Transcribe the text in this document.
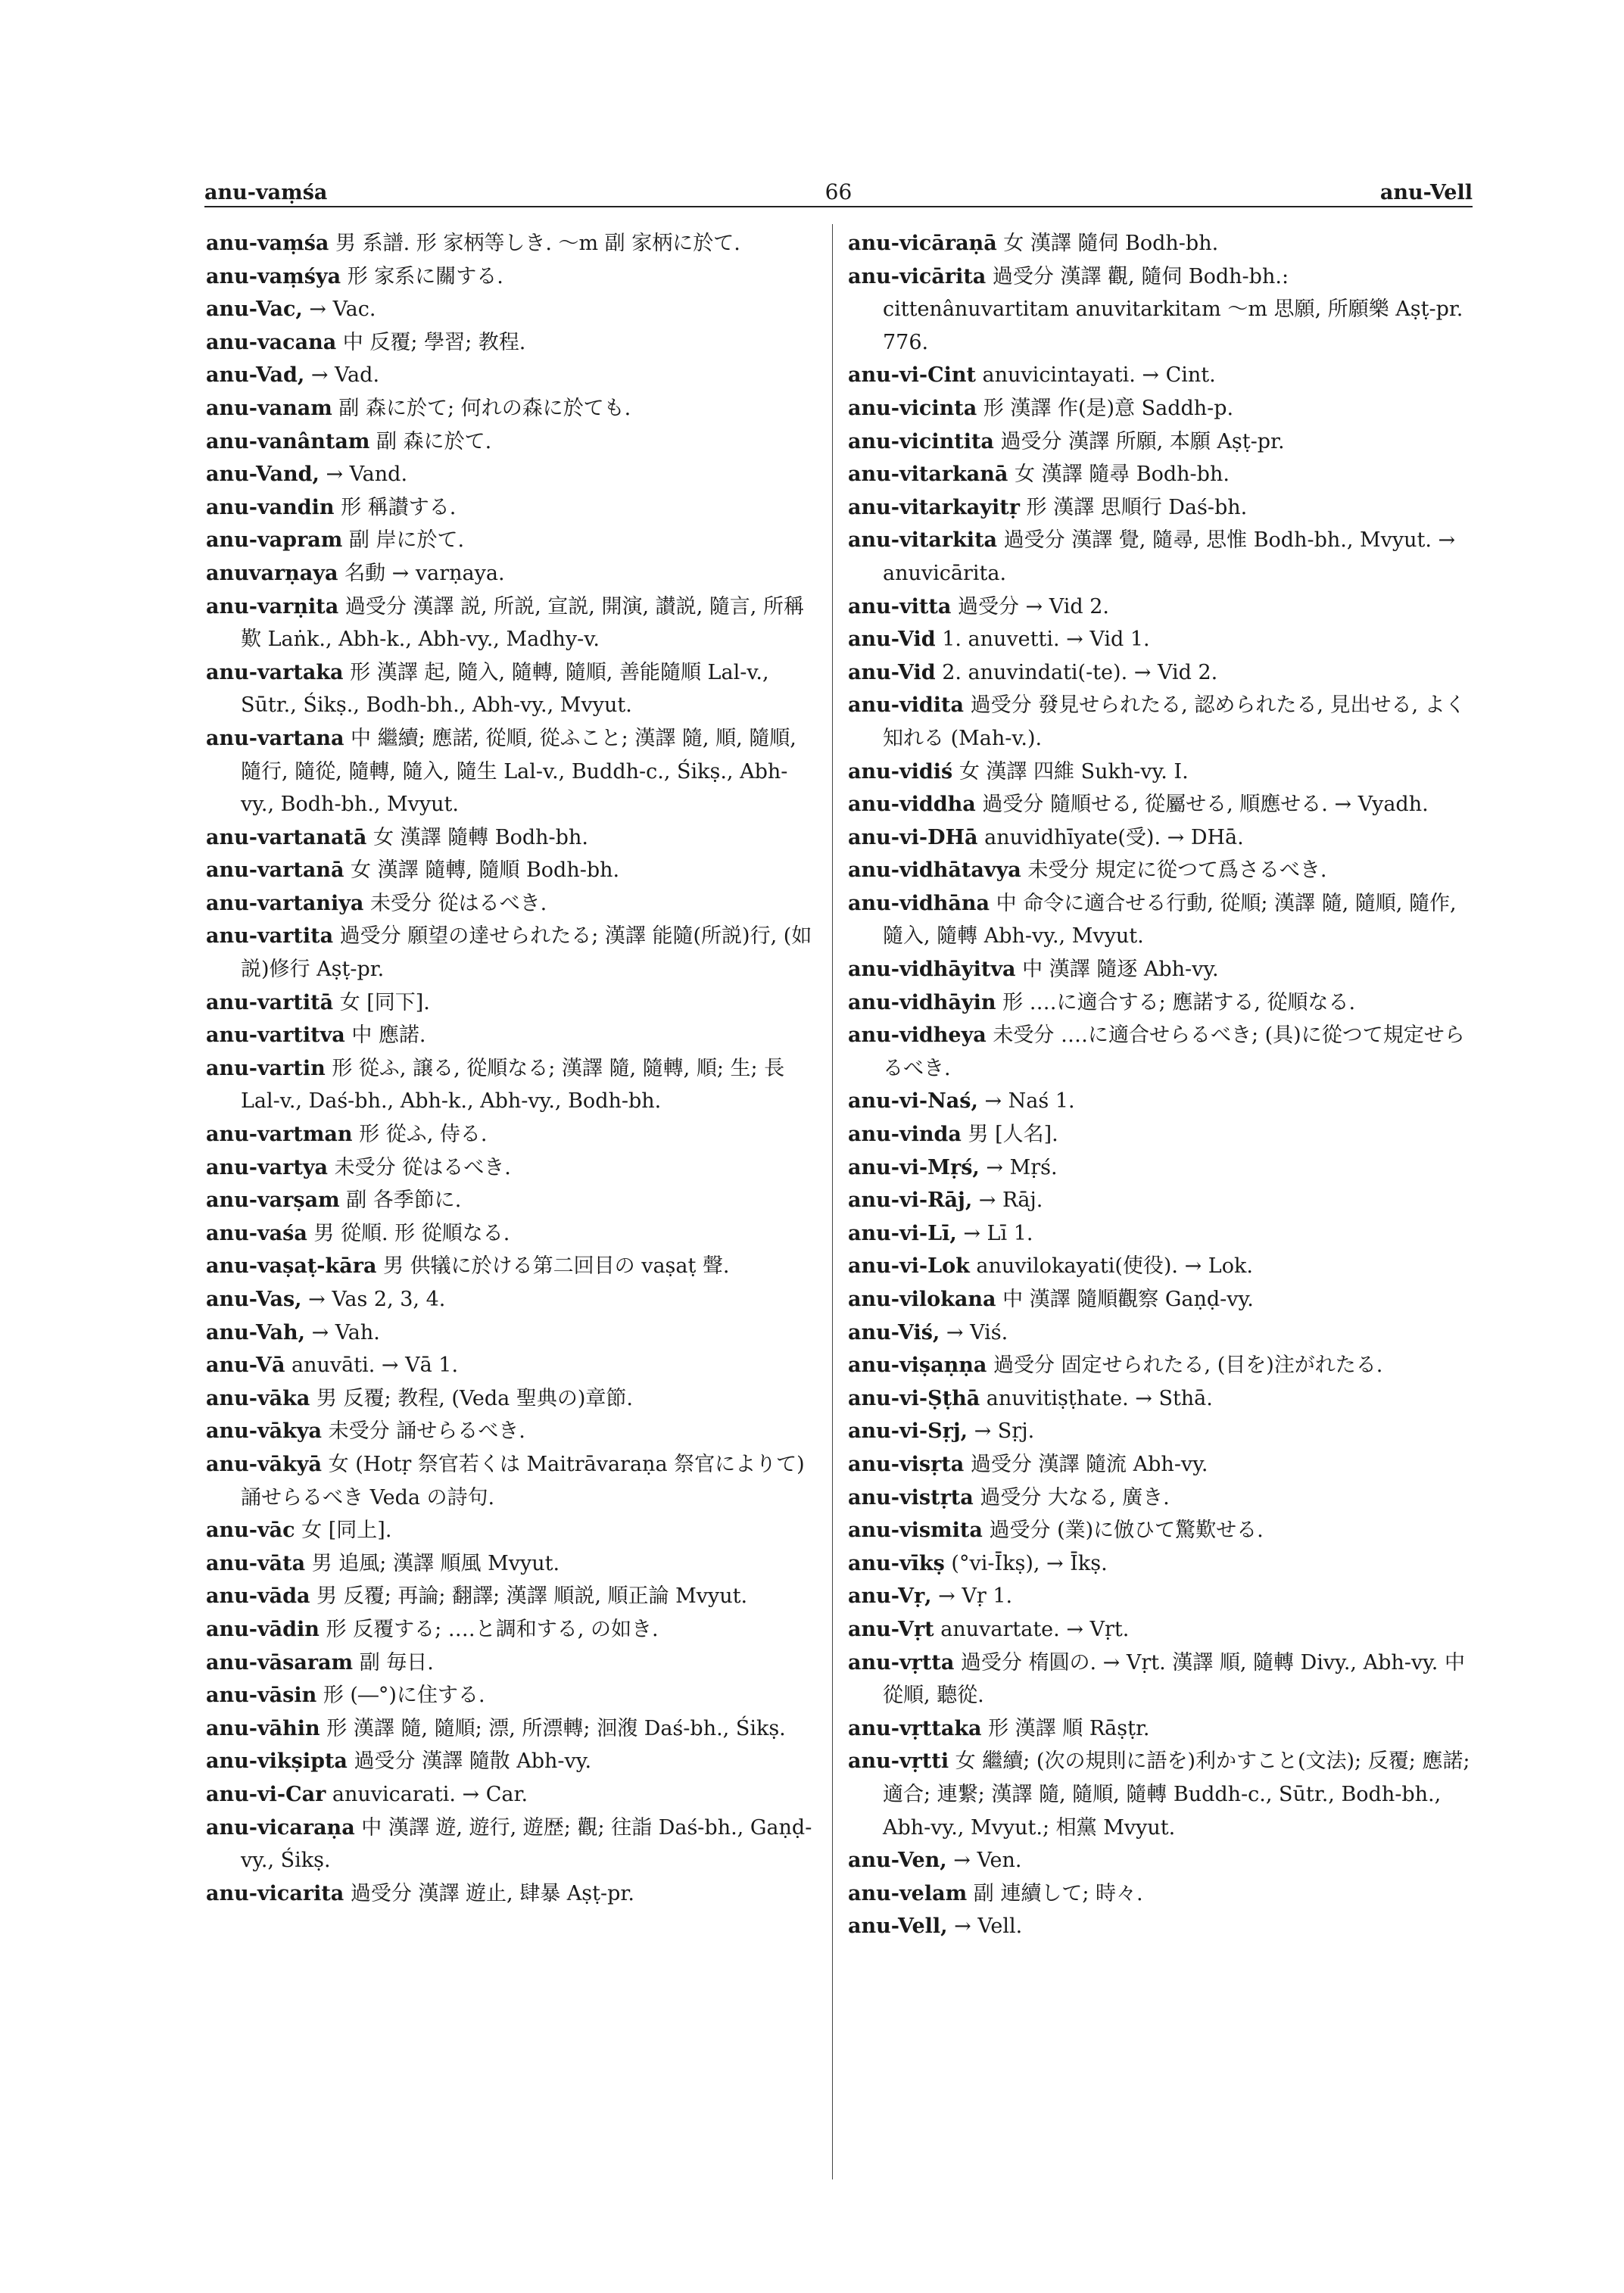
anu-vaṃśa	66	anu-Vell
anu-vaṃśa 男 系譜. 形 家柄等しき. ～m 副 家柄に於て.
anu-vaṃśya 形 家系に關する.
anu-Vac, → Vac.
anu-vacana 中 反覆; 學習; 教程.
anu-Vad, → Vad.
anu-vanam 副 森に於て; 何れの森に於ても.
anu-vanântam 副 森に於て.
anu-Vand, → Vand.
anu-vandin 形 稱讃する.
anu-vapram 副 岸に於て.
anuvarṇaya 名動 → varṇaya.
anu-varṇita 過受分 漢譯 説, 所説, 宣説, 開演, 讃説, 隨言, 所稱歎 Laṅk., Abh-k., Abh-vy., Madhy-v.
anu-vartaka 形 漢譯 起, 隨入, 隨轉, 隨順, 善能隨順 Lal-v., Sūtr., Śikṣ., Bodh-bh., Abh-vy., Mvyut.
anu-vartana 中 繼續; 應諾, 從順, 從ふこと; 漢譯 隨, 順, 隨順, 隨行, 隨從, 隨轉, 隨入, 隨生 Lal-v., Buddh-c., Śikṣ., Abh-vy., Bodh-bh., Mvyut.
anu-vartanatā 女 漢譯 隨轉 Bodh-bh.
anu-vartanā 女 漢譯 隨轉, 隨順 Bodh-bh.
anu-vartaniya 未受分 從はるべき.
anu-vartita 過受分 願望の達せられたる; 漢譯 能隨(所説)行, (如説)修行 Aṣṭ-pr.
anu-vartitā 女 [同下].
anu-vartitva 中 應諾.
anu-vartin 形 從ふ, 譲る, 從順なる; 漢譯 隨, 隨轉, 順; 生; 長 Lal-v., Daś-bh., Abh-k., Abh-vy., Bodh-bh.
anu-vartman 形 從ふ, 侍る.
anu-vartya 未受分 從はるべき.
anu-varṣam 副 各季節に.
anu-vaśa 男 從順. 形 從順なる.
anu-vaṣaṭ-kāra 男 供犠に於ける第二回目の vaṣaṭ 聲.
anu-Vas, → Vas 2, 3, 4.
anu-Vah, → Vah.
anu-Vā anuvāti. → Vā 1.
anu-vāka 男 反覆; 教程, (Veda 聖典の)章節.
anu-vākya 未受分 誦せらるべき.
anu-vākyā 女 (Hotṛ 祭官若くは Maitrāvaraṇa 祭官によりて)誦せらるべき Veda の詩句.
anu-vāc 女 [同上].
anu-vāta 男 追風; 漢譯 順風 Mvyut.
anu-vāda 男 反覆; 再論; 翻譯; 漢譯 順説, 順正論 Mvyut.
anu-vādin 形 反覆する; ‥‥と調和する, の如き.
anu-vāsaram 副 毎日.
anu-vāsin 形 (―°)に住する.
anu-vāhin 形 漢譯 隨, 隨順; 漂, 所漂轉; 洄澓 Daś-bh., Śikṣ.
anu-vikṣipta 過受分 漢譯 隨散 Abh-vy.
anu-vi-Car anuvicarati. → Car.
anu-vicaraṇa 中 漢譯 遊, 遊行, 遊歴; 觀; 往詣 Daś-bh., Gaṇḍ-vy., Śikṣ.
anu-vicarita 過受分 漢譯 遊止, 肆暴 Aṣṭ-pr.
anu-vicāraṇā 女 漢譯 隨伺 Bodh-bh.
anu-vicārita 過受分 漢譯 觀, 隨伺 Bodh-bh.: cittenânuvartitam anuvitarkitam ～m 思願, 所願樂 Aṣṭ-pr. 776.
anu-vi-Cint anuvicintayati. → Cint.
anu-vicinta 形 漢譯 作(是)意 Saddh-p.
anu-vicintita 過受分 漢譯 所願, 本願 Aṣṭ-pr.
anu-vitarkanā 女 漢譯 隨尋 Bodh-bh.
anu-vitarkayitṛ 形 漢譯 思順行 Daś-bh.
anu-vitarkita 過受分 漢譯 覺, 隨尋, 思惟 Bodh-bh., Mvyut. → anuvicārita.
anu-vitta 過受分 → Vid 2.
anu-Vid 1. anuvetti. → Vid 1.
anu-Vid 2. anuvindati(-te). → Vid 2.
anu-vidita 過受分 發見せられたる, 認められたる, 見出せる, よく知れる (Mah-v.).
anu-vidiś 女 漢譯 四維 Sukh-vy. I.
anu-viddha 過受分 隨順せる, 從屬せる, 順應せる. → Vyadh.
anu-vi-DHā anuvidhīyate(受). → DHā.
anu-vidhātavya 未受分 規定に從つて爲さるべき.
anu-vidhāna 中 命令に適合せる行動, 從順; 漢譯 隨, 隨順, 隨作, 隨入, 隨轉 Abh-vy., Mvyut.
anu-vidhāyitva 中 漢譯 隨逐 Abh-vy.
anu-vidhāyin 形 ‥‥に適合する; 應諾する, 從順なる.
anu-vidheya 未受分 ‥‥に適合せらるべき; (具)に從つて規定せらるべき.
anu-vi-Naś, → Naś 1.
anu-vinda 男 [人名].
anu-vi-Mṛś, → Mṛś.
anu-vi-Rāj, → Rāj.
anu-vi-Lī, → Lī 1.
anu-vi-Lok anuvilokayati(使役). → Lok.
anu-vilokana 中 漢譯 隨順觀察 Gaṇḍ-vy.
anu-Viś, → Viś.
anu-viṣaṇṇa 過受分 固定せられたる, (目を)注がれたる.
anu-vi-Ṣṭhā anuvitiṣṭhate. → Sthā.
anu-vi-Sṛj, → Sṛj.
anu-visṛta 過受分 漢譯 隨流 Abh-vy.
anu-vistṛta 過受分 大なる, 廣き.
anu-vismita 過受分 (業)に倣ひて驚歎せる.
anu-vīkṣ (°vi-Īkṣ), → Īkṣ.
anu-Vṛ, → Vṛ 1.
anu-Vṛt anuvartate. → Vṛt.
anu-vṛtta 過受分 楕圓の. → Vṛt. 漢譯 順, 隨轉 Divy., Abh-vy. 中 從順, 聽從.
anu-vṛttaka 形 漢譯 順 Rāṣṭr.
anu-vṛtti 女 繼續; (次の規則に語を)利かすこと(文法); 反覆; 應諾; 適合; 連繋; 漢譯 隨, 隨順, 隨轉 Buddh-c., Sūtr., Bodh-bh., Abh-vy., Mvyut.; 相黨 Mvyut.
anu-Ven, → Ven.
anu-velam 副 連續して; 時々.
anu-Vell, → Vell.
